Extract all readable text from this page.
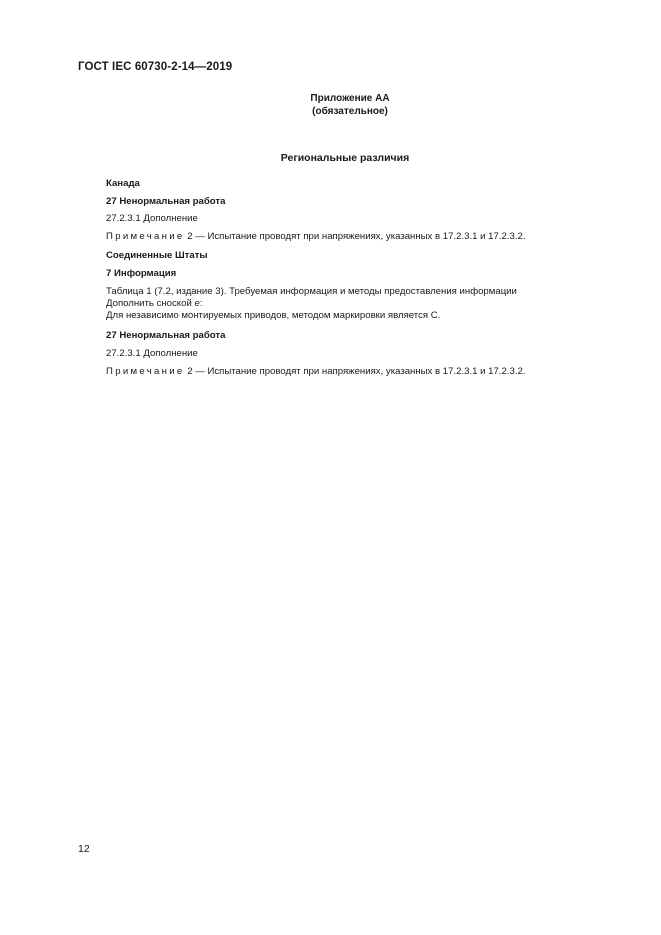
ГОСТ IEC 60730-2-14—2019
Приложение АА
(обязательное)
Региональные различия
Канада
27 Ненормальная работа
27.2.3.1 Дополнение
Примечание 2 — Испытание проводят при напряжениях, указанных в 17.2.3.1 и 17.2.3.2.
Соединенные Штаты
7 Информация
Таблица 1 (7.2, издание 3). Требуемая информация и методы предоставления информации
Дополнить сноской e:
Для независимо монтируемых приводов, методом маркировки является С.
27 Ненормальная работа
27.2.3.1 Дополнение
Примечание 2 — Испытание проводят при напряжениях, указанных в 17.2.3.1 и 17.2.3.2.
12
